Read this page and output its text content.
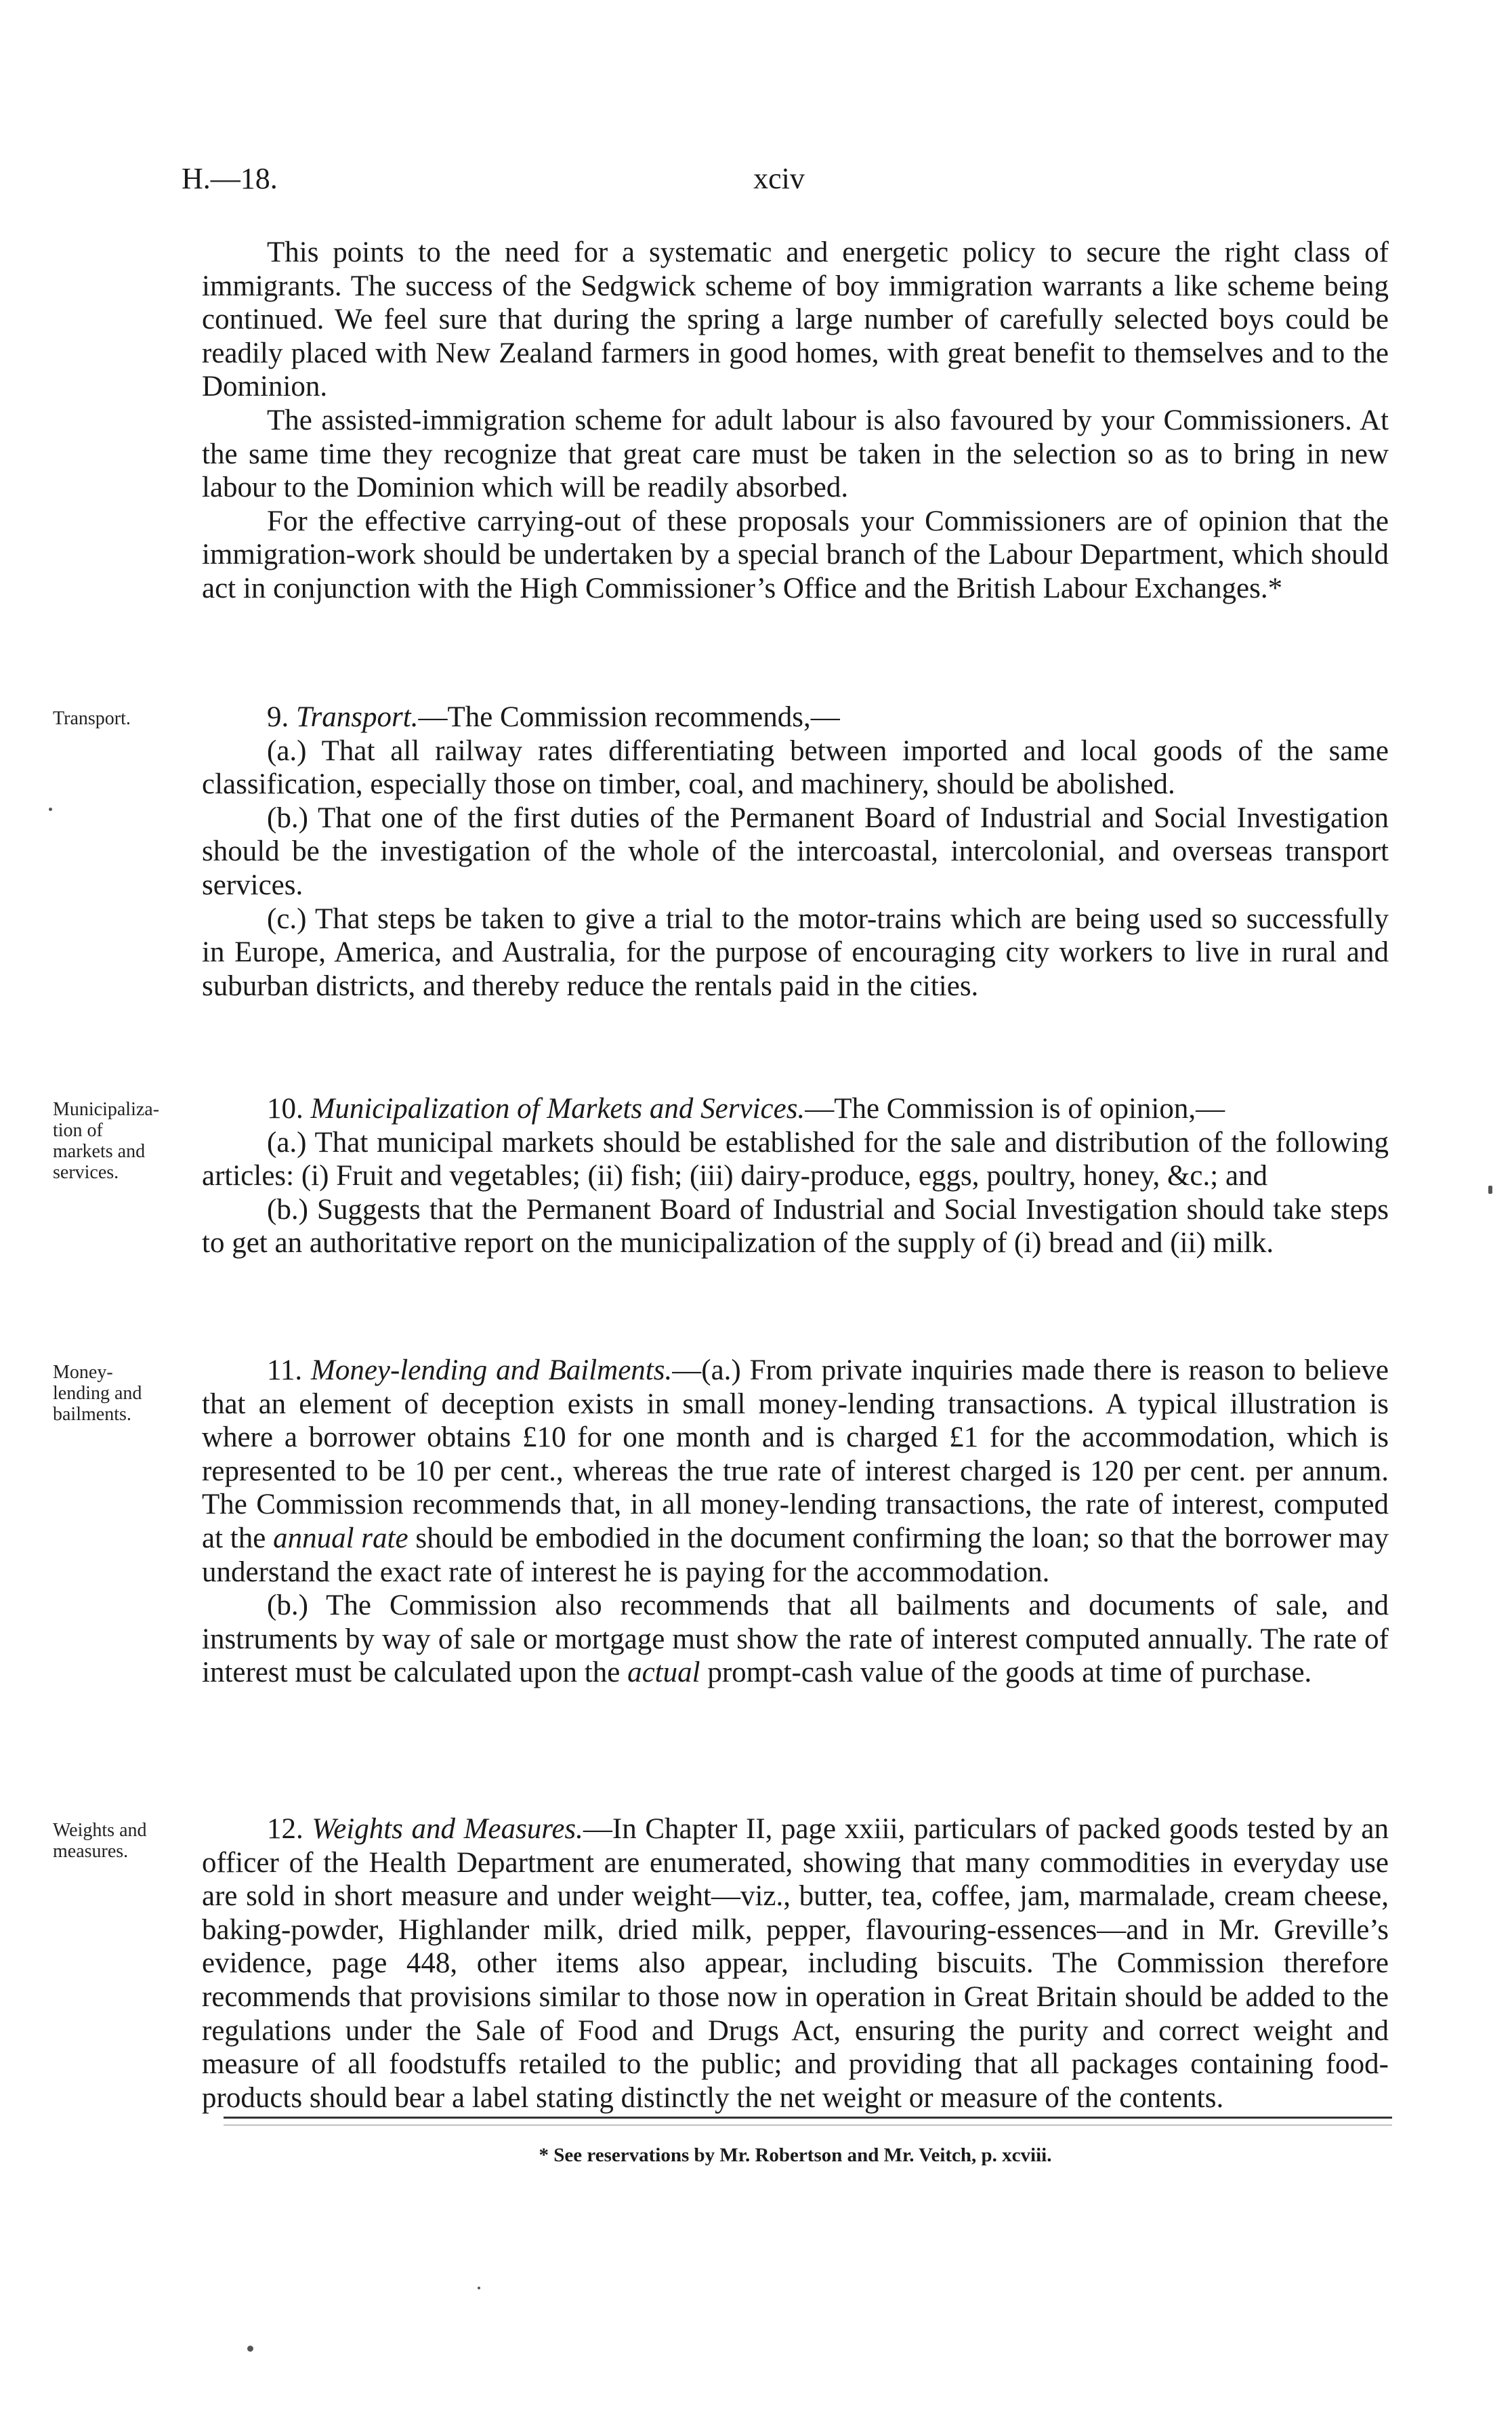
H.—18.	xciv

This points to the need for a systematic and energetic policy to secure the right class of immigrants. The success of the Sedgwick scheme of boy immigration warrants a like scheme being continued. We feel sure that during the spring a large number of carefully selected boys could be readily placed with New Zealand farmers in good homes, with great benefit to themselves and to the Dominion.

The assisted-immigration scheme for adult labour is also favoured by your Commissioners. At the same time they recognize that great care must be taken in the selection so as to bring in new labour to the Dominion which will be readily absorbed.

For the effective carrying-out of these proposals your Commissioners are of opinion that the immigration-work should be undertaken by a special branch of the Labour Department, which should act in conjunction with the High Commissioner’s Office and the British Labour Exchanges.*

Transport.	9. Transport.—The Commission recommends,—

(a.) That all railway rates differentiating between imported and local goods of the same classification, especially those on timber, coal, and machinery, should be abolished.

(b.) That one of the first duties of the Permanent Board of Industrial and Social Investigation should be the investigation of the whole of the intercoastal, intercolonial, and overseas transport services.

(c.) That steps be taken to give a trial to the motor-trains which are being used so successfully in Europe, America, and Australia, for the purpose of encouraging city workers to live in rural and suburban districts, and thereby reduce the rentals paid in the cities.

Municipaliza-
tion of
markets and
services.

10. Municipalization of Markets and Services.—The Commission is of opinion,—

(a.) That municipal markets should be established for the sale and distribution of the following articles: (i) Fruit and vegetables; (ii) fish; (iii) dairy-produce, eggs, poultry, honey, &c.; and

(b.) Suggests that the Permanent Board of Industrial and Social Investigation should take steps to get an authoritative report on the municipalization of the supply of (i) bread and (ii) milk.

Money-
lending and
bailments.

11. Money-lending and Bailments.—(a.) From private inquiries made there is reason to believe that an element of deception exists in small money-lending transactions. A typical illustration is where a borrower obtains £10 for one month and is charged £1 for the accommodation, which is represented to be 10 per cent., whereas the true rate of interest charged is 120 per cent. per annum. The Commission recommends that, in all money-lending transactions, the rate of interest, computed at the annual rate should be embodied in the document confirming the loan; so that the borrower may understand the exact rate of interest he is paying for the accommodation.

(b.) The Commission also recommends that all bailments and documents of sale, and instruments by way of sale or mortgage must show the rate of interest computed annually. The rate of interest must be calculated upon the actual prompt-cash value of the goods at time of purchase.

Weights and
measures.

12. Weights and Measures.—In Chapter II, page xxiii, particulars of packed goods tested by an officer of the Health Department are enumerated, showing that many commodities in everyday use are sold in short measure and under weight—viz., butter, tea, coffee, jam, marmalade, cream cheese, baking-powder, Highlander milk, dried milk, pepper, flavouring-essences—and in Mr. Greville’s evidence, page 448, other items also appear, including biscuits. The Commission therefore recommends that provisions similar to those now in operation in Great Britain should be added to the regulations under the Sale of Food and Drugs Act, ensuring the purity and correct weight and measure of all foodstuffs retailed to the public; and providing that all packages containing food-products should bear a label stating distinctly the net weight or measure of the contents.

* See reservations by Mr. Robertson and Mr. Veitch, p. xcviii.
